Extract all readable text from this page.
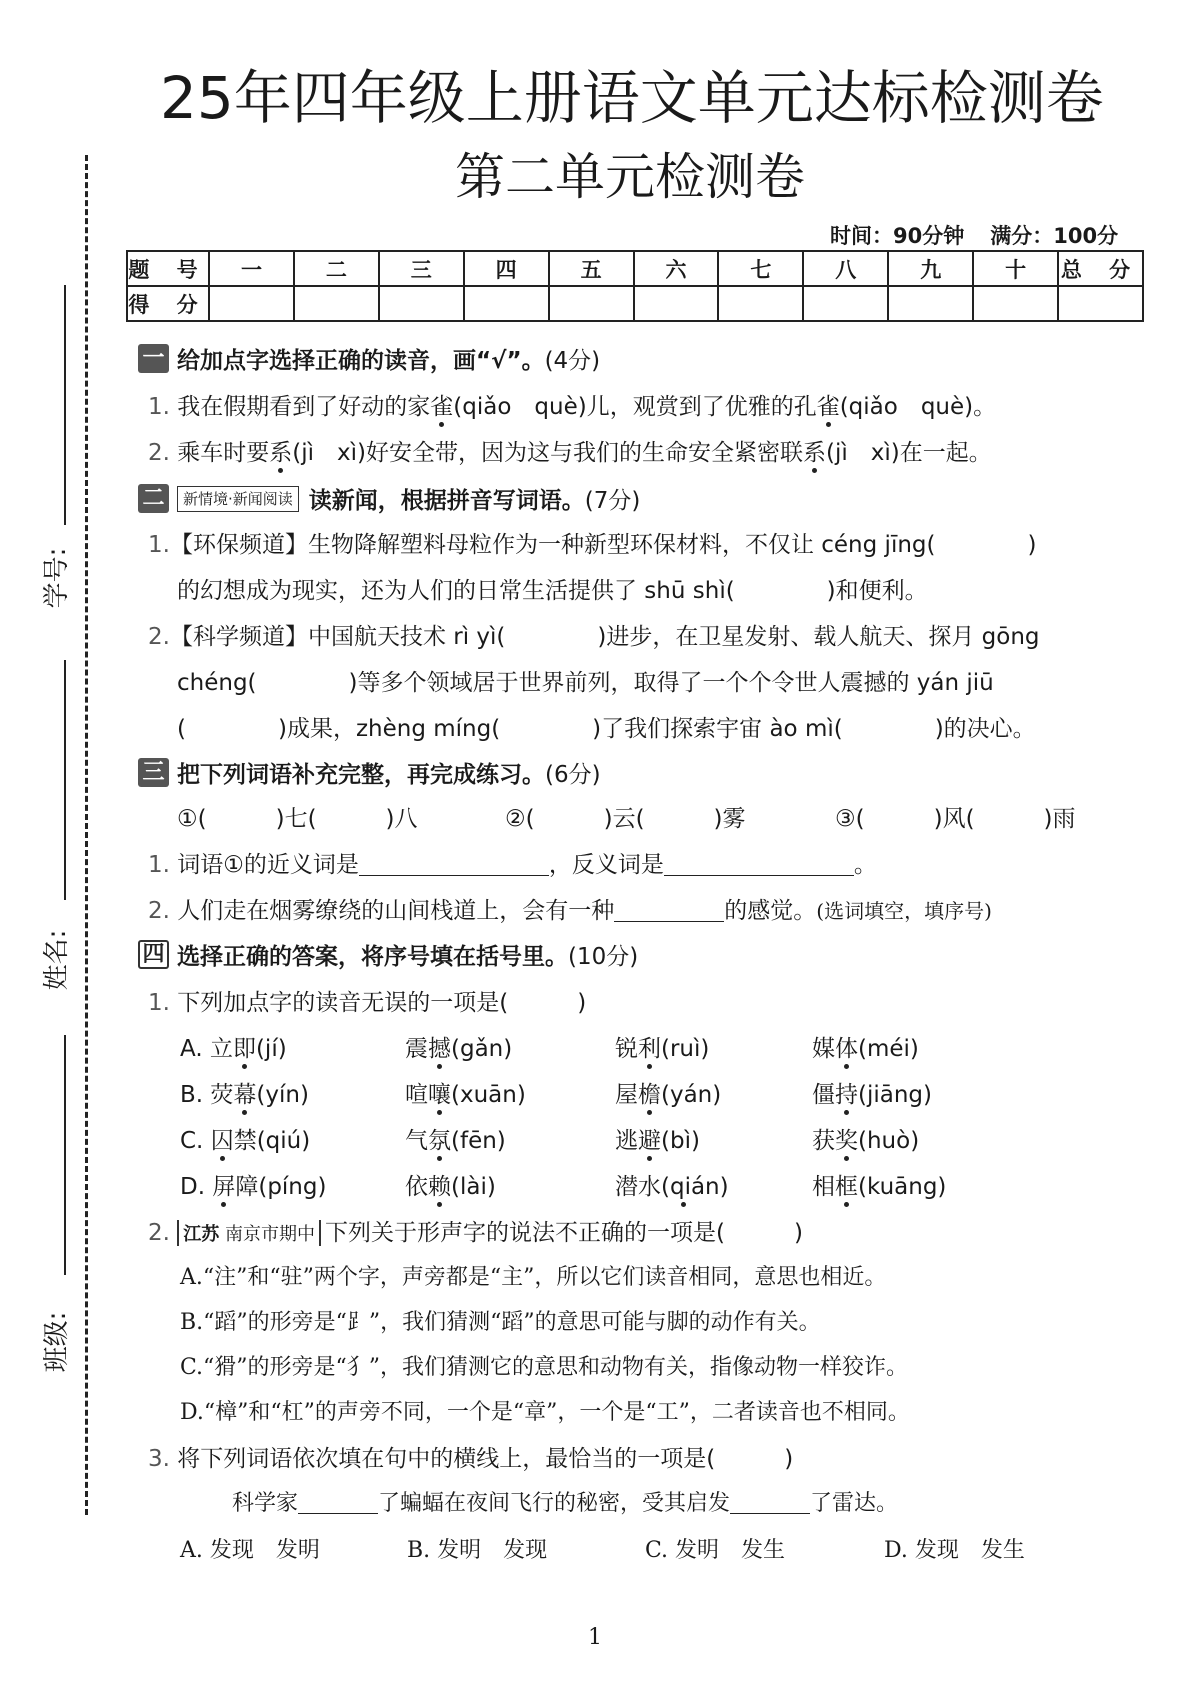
25年四年级上册语文单元达标检测卷
第二单元检测卷
时间：90分钟 满分：100分
题 号	一	二	三	四	五	六	七	八	九	十	总 分
得 分											
学号:
姓名:
班级:
一 给加点字选择正确的读音，画“√”。 (4分)
1. 我在假期看到了好动的家雀(qiǎo　què)儿，观赏到了优雅的孔雀(qiǎo　què)。
2. 乘车时要系(jì　xì)好安全带，因为这与我们的生命安全紧密联系(jì　xì)在一起。
二	新情境·新闻阅读 读新闻，根据拼音写词语。 (7分)
1.【环保频道】生物降解塑料母粒作为一种新型环保材料，不仅让 céng jīng(　　　　)
的幻想成为现实，还为人们的日常生活提供了 shū shì(　　　　)和便利。
2.【科学频道】中国航天技术 rì yì(　　　　)进步，在卫星发射、载人航天、探月 gōng
chéng(　　　　)等多个领域居于世界前列，取得了一个个令世人震撼的 yán jiū
(　　　　)成果，zhèng míng(　　　　)了我们探索宇宙 ào mì(　　　　)的决心。
三 把下列词语补充完整，再完成练习。 (6分)
①(　　　)七(　　　)八	②(　　　)云(　　　)雾	③(　　　)风(　　　)雨
1. 词语①的近义词是	，反义词是	。
2. 人们走在烟雾缭绕的山间栈道上，会有一种	的感觉。(选词填空，填序号)
四 选择正确的答案，将序号填在括号里。 (10分)
1. 下列加点字的读音无误的一项是(　　　)
A. 立即(jí)	震撼(gǎn)	锐利(ruì)	媒体(méi)
B. 荧幕(yín)	喧嚷(xuān)	屋檐(yán)	僵持(jiāng)
C. 囚禁(qiú)	气氛(fēn)	逃避(bì)	获奖(huò)
D. 屏障(píng)	依赖(lài)	潜水(qián)	相框(kuāng)
2. 江苏 南京市期中 下列关于形声字的说法不正确的一项是(　　　)
A.“注”和“驻”两个字，声旁都是“主”，所以它们读音相同，意思也相近。
B.“蹈”的形旁是“⻊”，我们猜测“蹈”的意思可能与脚的动作有关。
C.“猾”的形旁是“犭”，我们猜测它的意思和动物有关，指像动物一样狡诈。
D.“樟”和“杠”的声旁不同，一个是“章”，一个是“工”，二者读音也不相同。
3. 将下列词语依次填在句中的横线上，最恰当的一项是(　　　)
科学家	了蝙蝠在夜间飞行的秘密，受其启发	了雷达。
A. 发现　发明	B. 发明　发现	C. 发明　发生	D. 发现　发生
1
